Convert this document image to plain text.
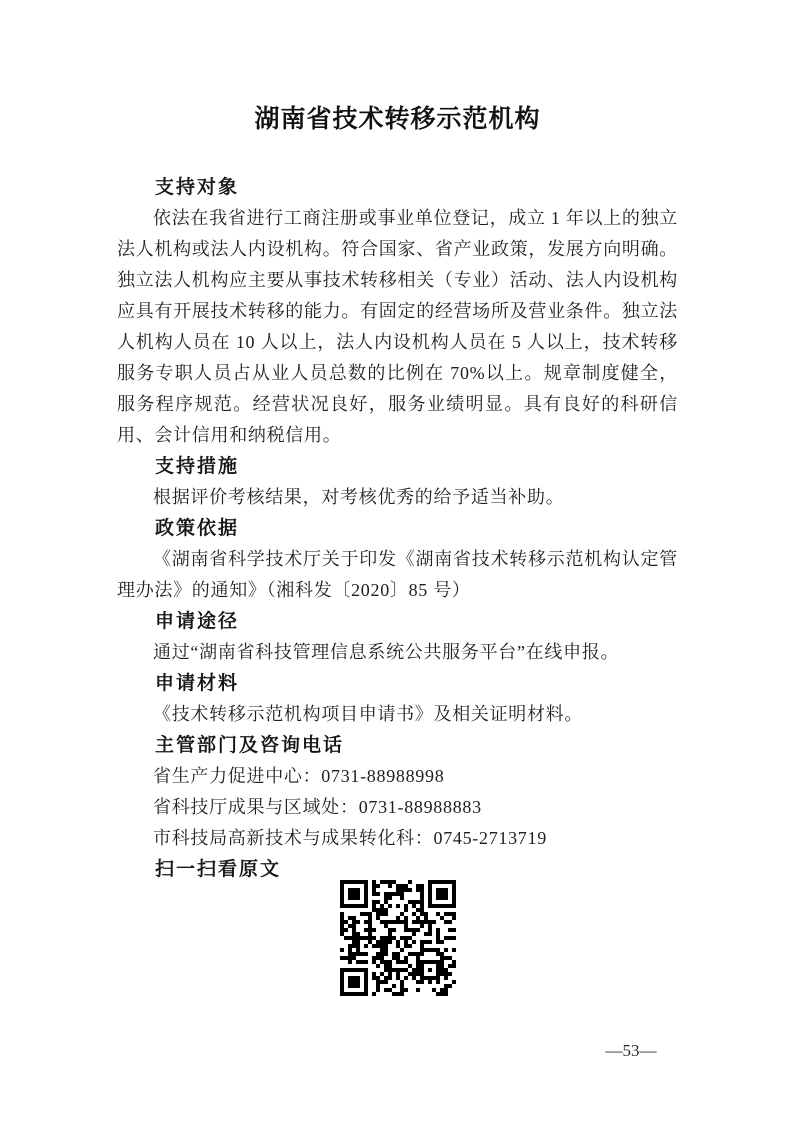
湖南省技术转移示范机构
支持对象

依法在我省进行工商注册或事业单位登记，成立 1 年以上的独立法人机构或法人内设机构。符合国家、省产业政策，发展方向明确。独立法人机构应主要从事技术转移相关（专业）活动、法人内设机构应具有开展技术转移的能力。有固定的经营场所及营业条件。独立法人机构人员在 10 人以上，法人内设机构人员在 5 人以上，技术转移服务专职人员占从业人员总数的比例在 70%以上。规章制度健全，服务程序规范。经营状况良好，服务业绩明显。具有良好的科研信用、会计信用和纳税信用。

支持措施

根据评价考核结果，对考核优秀的给予适当补助。

政策依据

《湖南省科学技术厅关于印发《湖南省技术转移示范机构认定管理办法》的通知》（湘科发〔2020〕85 号）

申请途径

通过“湖南省科技管理信息系统公共服务平台”在线申报。

申请材料

《技术转移示范机构项目申请书》及相关证明材料。

主管部门及咨询电话

省生产力促进中心：0731-88988998

省科技厅成果与区域处：0731-88988883

市科技局高新技术与成果转化科：0745-2713719

扫一扫看原文
—53—
